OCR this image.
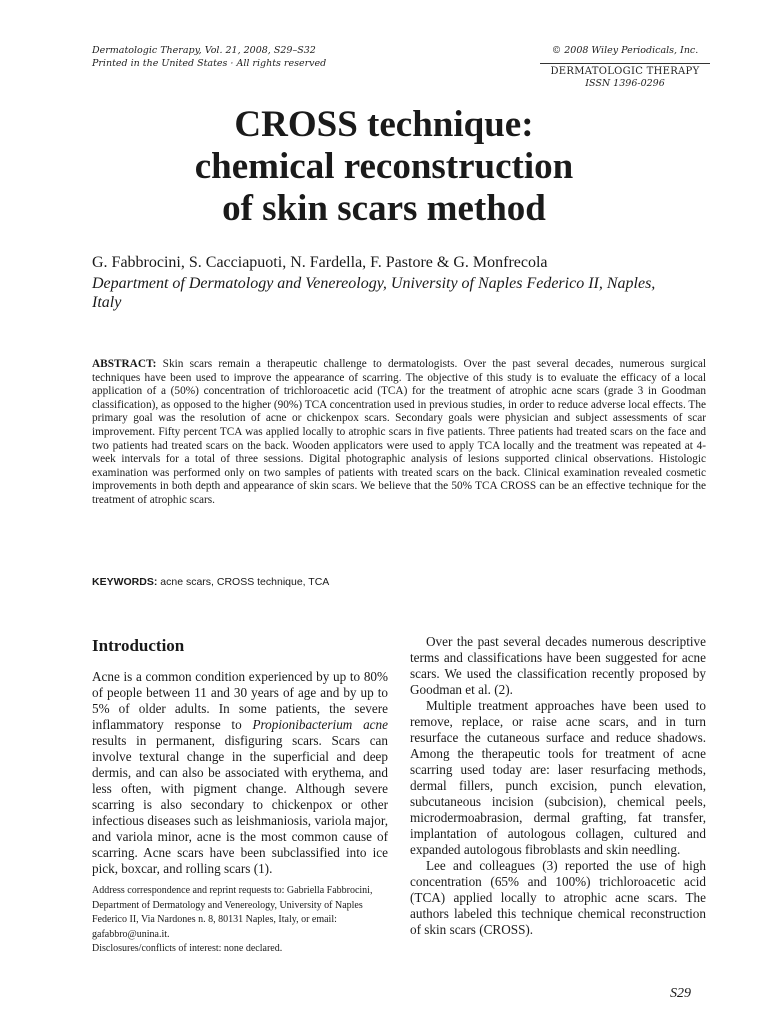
Dermatologic Therapy, Vol. 21, 2008, S29–S32
Printed in the United States · All rights reserved
© 2008 Wiley Periodicals, Inc.
DERMATOLOGIC THERAPY
ISSN 1396-0296
CROSS technique:
chemical reconstruction
of skin scars method
G. Fabbrocini, S. Cacciapuoti, N. Fardella, F. Pastore & G. Monfrecola
Department of Dermatology and Venereology, University of Naples Federico II, Naples, Italy
ABSTRACT: Skin scars remain a therapeutic challenge to dermatologists. Over the past several decades, numerous surgical techniques have been used to improve the appearance of scarring. The objective of this study is to evaluate the efficacy of a local application of a (50%) concentration of trichloroacetic acid (TCA) for the treatment of atrophic acne scars (grade 3 in Goodman classification), as opposed to the higher (90%) TCA concentration used in previous studies, in order to reduce adverse local effects. The primary goal was the resolution of acne or chickenpox scars. Secondary goals were physician and subject assessments of scar improvement. Fifty percent TCA was applied locally to atrophic scars in five patients. Three patients had treated scars on the face and two patients had treated scars on the back. Wooden applicators were used to apply TCA locally and the treatment was repeated at 4-week intervals for a total of three sessions. Digital photographic analysis of lesions supported clinical observations. Histologic examination was performed only on two samples of patients with treated scars on the back. Clinical examination revealed cosmetic improvements in both depth and appearance of skin scars. We believe that the 50% TCA CROSS can be an effective technique for the treatment of atrophic scars.
KEYWORDS: acne scars, CROSS technique, TCA
Introduction

Acne is a common condition experienced by up to 80% of people between 11 and 30 years of age and by up to 5% of older adults. In some patients, the severe inflammatory response to Propionibacterium acne results in permanent, disfiguring scars. Scars can involve textural change in the superficial and deep dermis, and can also be associated with erythema, and less often, with pigment change. Although severe scarring is also secondary to chickenpox or other infectious diseases such as leishmaniosis, variola major, and variola minor, acne is the most common cause of scarring. Acne scars have been subclassified into ice pick, boxcar, and rolling scars (1).

Address correspondence and reprint requests to: Gabriella Fabbrocini, Department of Dermatology and Venereology, University of Naples Federico II, Via Nardones n. 8, 80131 Naples, Italy, or email: gafabbro@unina.it.
Disclosures/conflicts of interest: none declared.

Over the past several decades numerous descriptive terms and classifications have been suggested for acne scars. We used the classification recently proposed by Goodman et al. (2).

Multiple treatment approaches have been used to remove, replace, or raise acne scars, and in turn resurface the cutaneous surface and reduce shadows. Among the therapeutic tools for treatment of acne scarring used today are: laser resurfacing methods, dermal fillers, punch excision, punch elevation, subcutaneous incision (subcision), chemical peels, microdermoabrasion, dermal grafting, fat transfer, implantation of autologous collagen, cultured and expanded autologous fibroblasts and skin needling.

Lee and colleagues (3) reported the use of high concentration (65% and 100%) trichloroacetic acid (TCA) applied locally to atrophic acne scars. The authors labeled this technique chemical reconstruction of skin scars (CROSS).

S29
